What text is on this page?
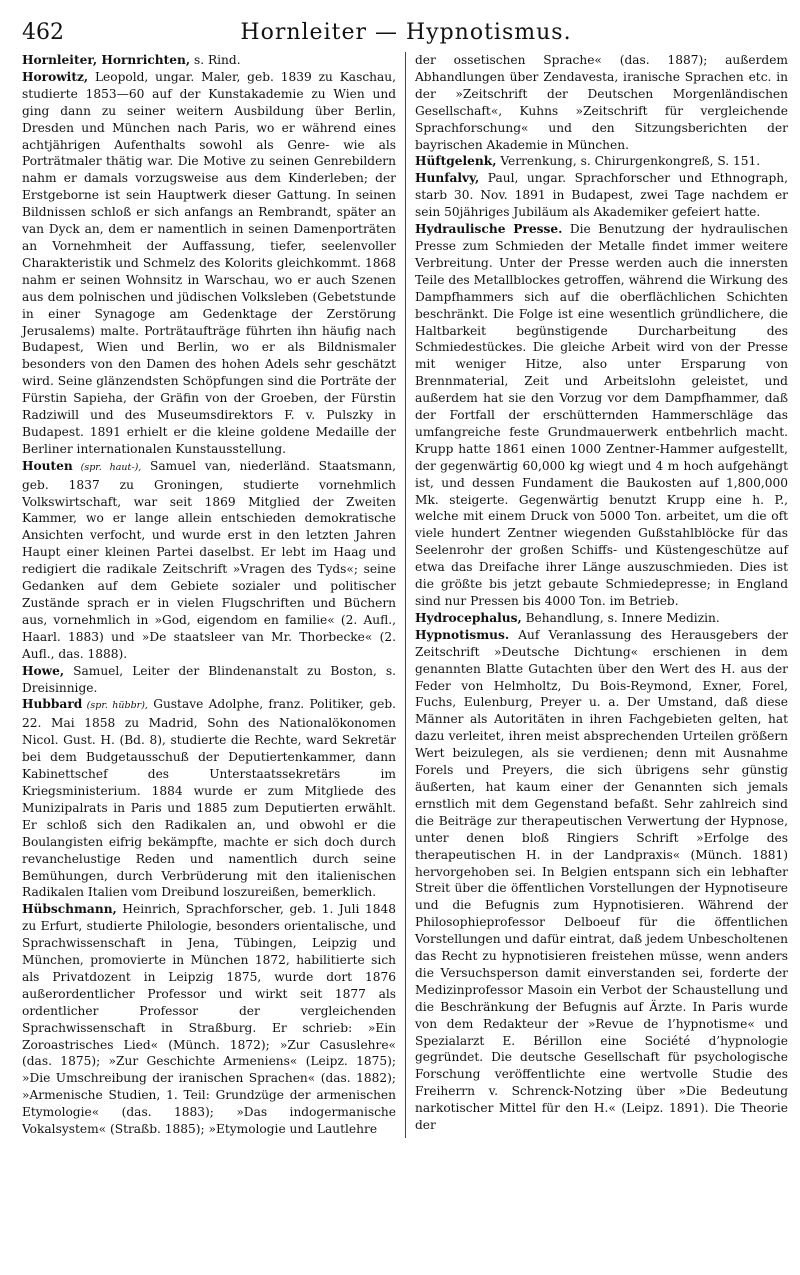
462	Hornleiter — Hypnotismus.

Hornleiter, Hornrichten, s. Rind.

Horowitz, Leopold, ungar. Maler, geb. 1839 zu Kaschau, studierte 1853—60 auf der Kunstakademie zu Wien und ging dann zu seiner weitern Ausbildung über Berlin, Dresden und München nach Paris, wo er während eines achtjährigen Aufenthalts sowohl als Genre- wie als Porträtmaler thätig war. Die Motive zu seinen Genrebildern nahm er damals vorzugsweise aus dem Kinderleben; der Erstgeborne ist sein Hauptwerk dieser Gattung. In seinen Bildnissen schloß er sich anfangs an Rembrandt, später an van Dyck an, dem er namentlich in seinen Damenporträten an Vornehmheit der Auffassung, tiefer, seelenvoller Charakteristik und Schmelz des Kolorits gleichkommt. 1868 nahm er seinen Wohnsitz in Warschau, wo er auch Szenen aus dem polnischen und jüdischen Volksleben (Gebetstunde in einer Synagoge am Gedenktage der Zerstörung Jerusalems) malte. Porträtaufträge führten ihn häufig nach Budapest, Wien und Berlin, wo er als Bildnismaler besonders von den Damen des hohen Adels sehr geschätzt wird. Seine glänzendsten Schöpfungen sind die Porträte der Fürstin Sapieha, der Gräfin von der Groeben, der Fürstin Radziwill und des Museumsdirektors F. v. Pulszky in Budapest. 1891 erhielt er die kleine goldene Medaille der Berliner internationalen Kunstausstellung.

Houten (spr. haut-), Samuel van, niederländ. Staatsmann, geb. 1837 zu Groningen, studierte vornehmlich Volkswirtschaft, war seit 1869 Mitglied der Zweiten Kammer, wo er lange allein entschieden demokratische Ansichten verfocht, und wurde erst in den letzten Jahren Haupt einer kleinen Partei daselbst. Er lebt im Haag und redigiert die radikale Zeitschrift »Vragen des Tyds«; seine Gedanken auf dem Gebiete sozialer und politischer Zustände sprach er in vielen Flugschriften und Büchern aus, vornehmlich in »God, eigendom en familie« (2. Aufl., Haarl. 1883) und »De staatsleer van Mr. Thorbecke« (2. Aufl., das. 1888).

Howe, Samuel, Leiter der Blindenanstalt zu Boston, s. Dreisinnige.

Hubbard (spr. hübbr), Gustave Adolphe, franz. Politiker, geb. 22. Mai 1858 zu Madrid, Sohn des Nationalökonomen Nicol. Gust. H. (Bd. 8), studierte die Rechte, ward Sekretär bei dem Budgetausschuß der Deputiertenkammer, dann Kabinettschef des Unterstaatssekretärs im Kriegsministerium. 1884 wurde er zum Mitgliede des Munizipalrats in Paris und 1885 zum Deputierten erwählt. Er schloß sich den Radikalen an, und obwohl er die Boulangisten eifrig bekämpfte, machte er sich doch durch revanchelustige Reden und namentlich durch seine Bemühungen, durch Verbrüderung mit den italienischen Radikalen Italien vom Dreibund loszureißen, bemerklich.

Hübschmann, Heinrich, Sprachforscher, geb. 1. Juli 1848 zu Erfurt, studierte Philologie, besonders orientalische, und Sprachwissenschaft in Jena, Tübingen, Leipzig und München, promovierte in München 1872, habilitierte sich als Privatdozent in Leipzig 1875, wurde dort 1876 außerordentlicher Professor und wirkt seit 1877 als ordentlicher Professor der vergleichenden Sprachwissenschaft in Straßburg. Er schrieb: »Ein Zoroastrisches Lied« (Münch. 1872); »Zur Casuslehre« (das. 1875); »Zur Geschichte Armeniens« (Leipz. 1875); »Die Umschreibung der iranischen Sprachen« (das. 1882); »Armenische Studien, 1. Teil: Grundzüge der armenischen Etymologie« (das. 1883); »Das indogermanische Vokalsystem« (Straßb. 1885); »Etymologie und Lautlehre

der ossetischen Sprache« (das. 1887); außerdem Abhandlungen über Zendavesta, iranische Sprachen etc. in der »Zeitschrift der Deutschen Morgenländischen Gesellschaft«, Kuhns »Zeitschrift für vergleichende Sprachforschung« und den Sitzungsberichten der bayrischen Akademie in München.

Hüftgelenk, Verrenkung, s. Chirurgenkongreß, S. 151.

Hunfalvy, Paul, ungar. Sprachforscher und Ethnograph, starb 30. Nov. 1891 in Budapest, zwei Tage nachdem er sein 50jähriges Jubiläum als Akademiker gefeiert hatte.

Hydraulische Presse. Die Benutzung der hydraulischen Presse zum Schmieden der Metalle findet immer weitere Verbreitung. Unter der Presse werden auch die innersten Teile des Metallblockes getroffen, während die Wirkung des Dampfhammers sich auf die oberflächlichen Schichten beschränkt. Die Folge ist eine wesentlich gründlichere, die Haltbarkeit begünstigende Durcharbeitung des Schmiedestückes. Die gleiche Arbeit wird von der Presse mit weniger Hitze, also unter Ersparung von Brennmaterial, Zeit und Arbeitslohn geleistet, und außerdem hat sie den Vorzug vor dem Dampfhammer, daß der Fortfall der erschütternden Hammerschläge das umfangreiche feste Grundmauerwerk entbehrlich macht. Krupp hatte 1861 einen 1000 Zentner-Hammer aufgestellt, der gegenwärtig 60,000 kg wiegt und 4 m hoch aufgehängt ist, und dessen Fundament die Baukosten auf 1,800,000 Mk. steigerte. Gegenwärtig benutzt Krupp eine h. P., welche mit einem Druck von 5000 Ton. arbeitet, um die oft viele hundert Zentner wiegenden Gußstahlblöcke für das Seelenrohr der großen Schiffs- und Küstengeschütze auf etwa das Dreifache ihrer Länge auszuschmieden. Dies ist die größte bis jetzt gebaute Schmiedepresse; in England sind nur Pressen bis 4000 Ton. im Betrieb.

Hydrocephalus, Behandlung, s. Innere Medizin.

Hypnotismus. Auf Veranlassung des Herausgebers der Zeitschrift »Deutsche Dichtung« erschienen in dem genannten Blatte Gutachten über den Wert des H. aus der Feder von Helmholtz, Du Bois-Reymond, Exner, Forel, Fuchs, Eulenburg, Preyer u. a. Der Umstand, daß diese Männer als Autoritäten in ihren Fachgebieten gelten, hat dazu verleitet, ihren meist absprechenden Urteilen größern Wert beizulegen, als sie verdienen; denn mit Ausnahme Forels und Preyers, die sich übrigens sehr günstig äußerten, hat kaum einer der Genannten sich jemals ernstlich mit dem Gegenstand befaßt. Sehr zahlreich sind die Beiträge zur therapeutischen Verwertung der Hypnose, unter denen bloß Ringiers Schrift »Erfolge des therapeutischen H. in der Landpraxis« (Münch. 1881) hervorgehoben sei. In Belgien entspann sich ein lebhafter Streit über die öffentlichen Vorstellungen der Hypnotiseure und die Befugnis zum Hypnotisieren. Während der Philosophieprofessor Delboeuf für die öffentlichen Vorstellungen und dafür eintrat, daß jedem Unbescholtenen das Recht zu hypnotisieren freistehen müsse, wenn anders die Versuchsperson damit einverstanden sei, forderte der Medizinprofessor Masoin ein Verbot der Schaustellung und die Beschränkung der Befugnis auf Ärzte. In Paris wurde von dem Redakteur der »Revue de l’hypnotisme« und Spezialarzt E. Bérillon eine Société d’hypnologie gegründet. Die deutsche Gesellschaft für psychologische Forschung veröffentlichte eine wertvolle Studie des Freiherrn v. Schrenck-Notzing über »Die Bedeutung narkotischer Mittel für den H.« (Leipz. 1891). Die Theorie der
